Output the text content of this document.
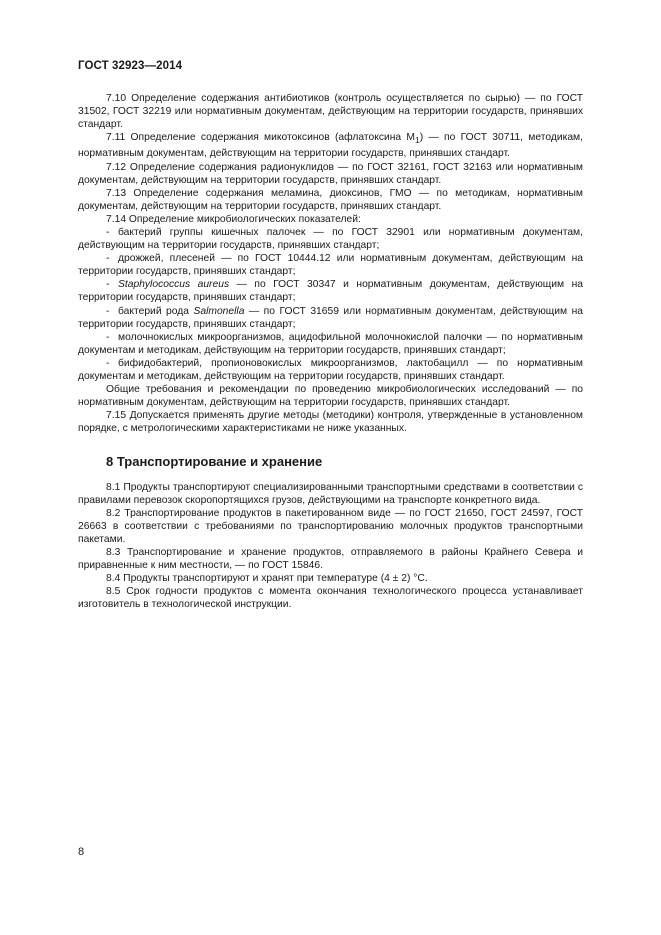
ГОСТ 32923—2014

7.10 Определение содержания антибиотиков (контроль осуществляется по сырью) — по ГОСТ 31502, ГОСТ 32219 или нормативным документам, действующим на территории государств, принявших стандарт.

7.11 Определение содержания микотоксинов (афлатоксина $M_1$) — по ГОСТ 30711, методикам, нормативным документам, действующим на территории государств, принявших стандарт.

7.12 Определение содержания радионуклидов — по ГОСТ 32161, ГОСТ 32163 или нормативным документам, действующим на территории государств, принявших стандарт.

7.13 Определение содержания меламина, диоксинов, ГМО — по методикам, нормативным документам, действующим на территории государств, принявших стандарт.

7.14 Определение микробиологических показателей:

- бактерий группы кишечных палочек — по ГОСТ 32901 или нормативным документам, действующим на территории государств, принявших стандарт;

- дрожжей, плесеней — по ГОСТ 10444.12 или нормативным документам, действующим на территории государств, принявших стандарт;

- Staphylococcus aureus — по ГОСТ 30347 и нормативным документам, действующим на территории государств, принявших стандарт;

- бактерий рода Salmonella — по ГОСТ 31659 или нормативным документам, действующим на территории государств, принявших стандарт;

- молочнокислых микроорганизмов, ацидофильной молочнокислой палочки — по нормативным документам и методикам, действующим на территории государств, принявших стандарт;

- бифидобактерий, пропионовокислых микроорганизмов, лактобацилл — по нормативным документам и методикам, действующим на территории государств, принявших стандарт.

Общие требования и рекомендации по проведению микробиологических исследований — по нормативным документам, действующим на территории государств, принявших стандарт.

7.15 Допускается применять другие методы (методики) контроля, утвержденные в установленном порядке, с метрологическими характеристиками не ниже указанных.

8 Транспортирование и хранение

8.1 Продукты транспортируют специализированными транспортными средствами в соответствии с правилами перевозок скоропортящихся грузов, действующими на транспорте конкретного вида.

8.2 Транспортирование продуктов в пакетированном виде — по ГОСТ 21650, ГОСТ 24597, ГОСТ 26663 в соответствии с требованиями по транспортированию молочных продуктов транспортными пакетами.

8.3 Транспортирование и хранение продуктов, отправляемого в районы Крайнего Севера и приравненные к ним местности, — по ГОСТ 15846.

8.4 Продукты транспортируют и хранят при температуре (4 ± 2) °С.

8.5 Срок годности продуктов с момента окончания технологического процесса устанавливает изготовитель в технологической инструкции.

8
